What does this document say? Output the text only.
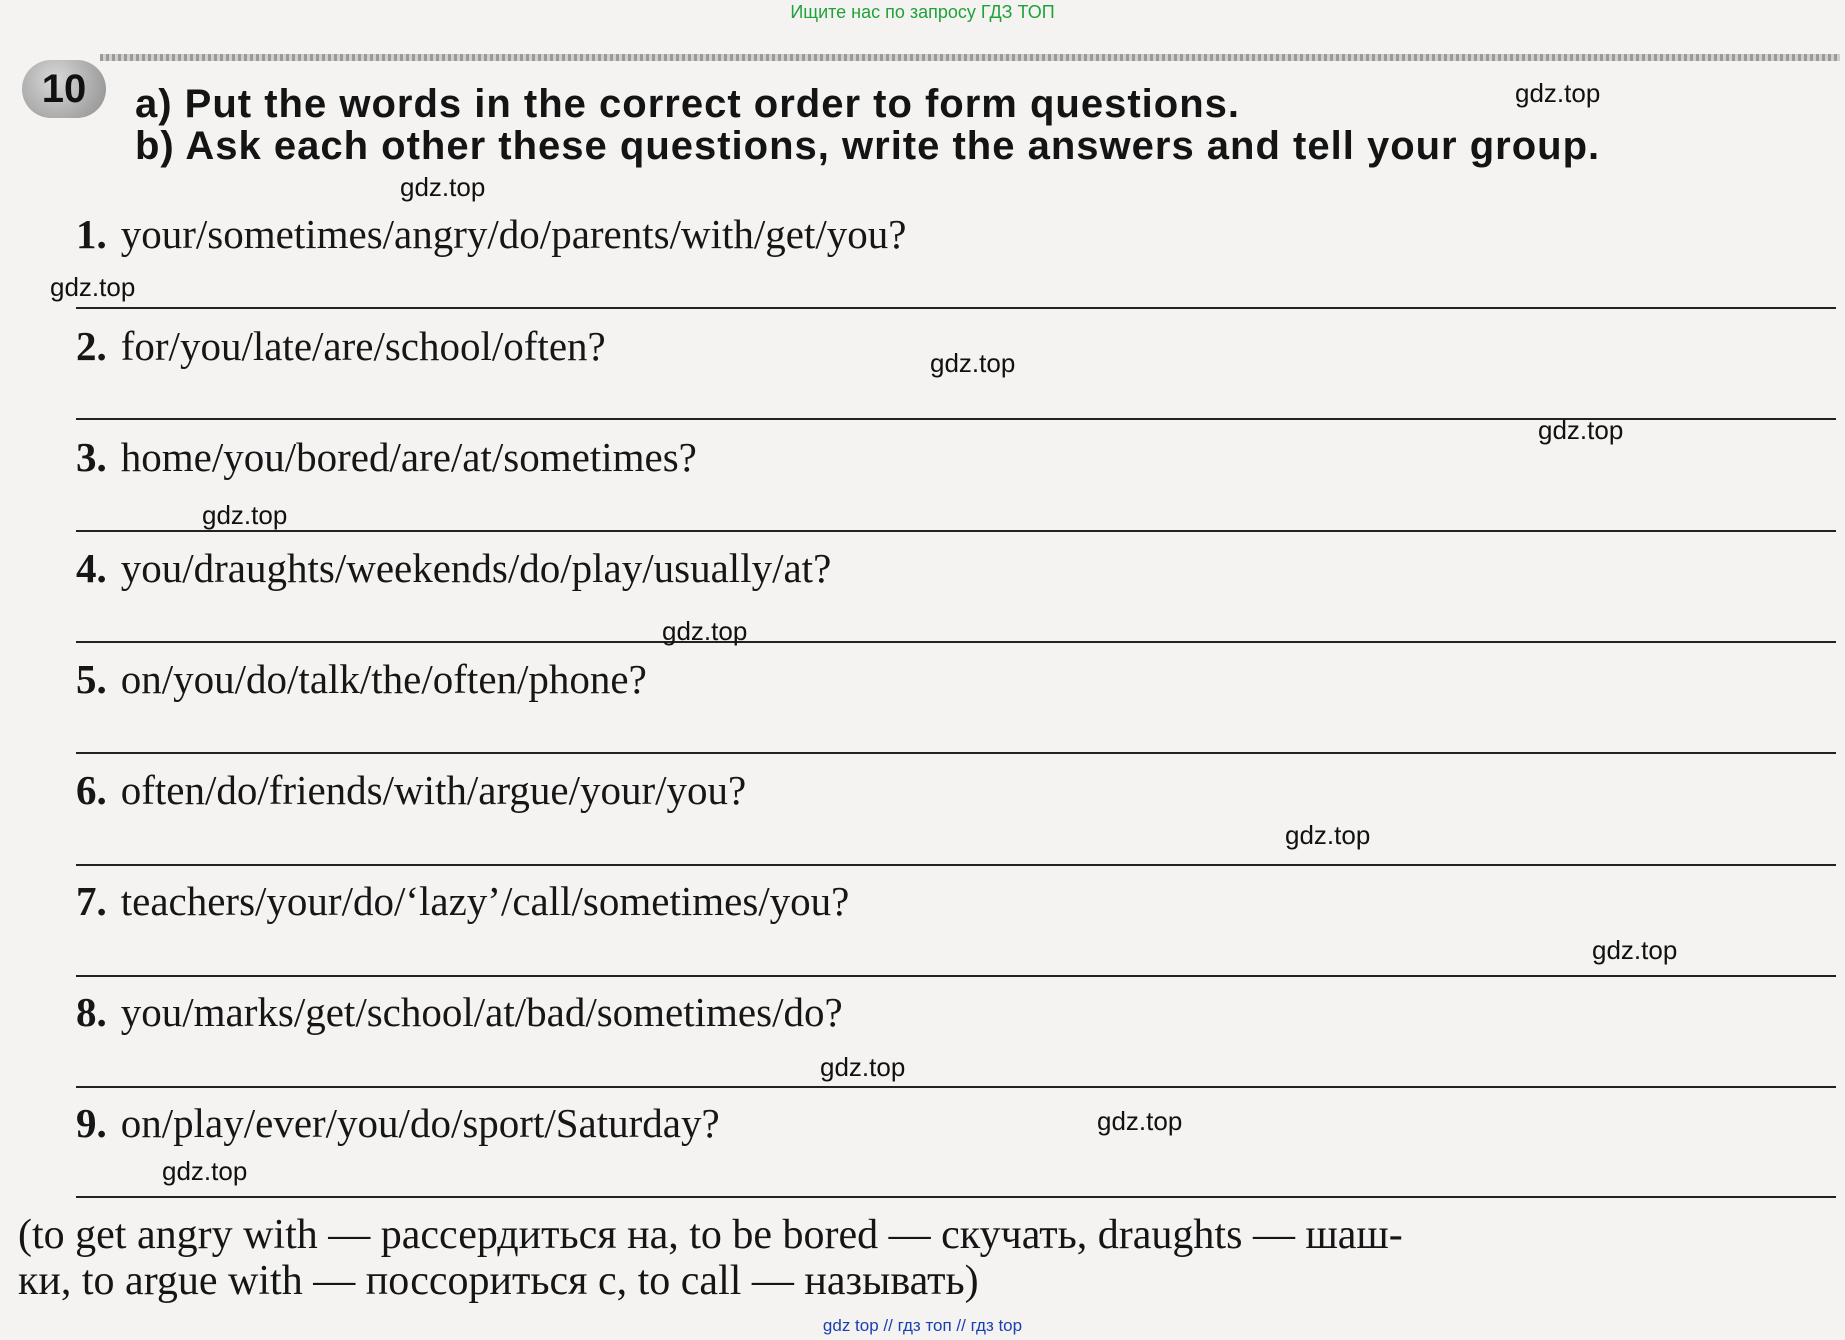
Ищите нас по запросу ГДЗ ТОП

10	a) Put the words in the correct order to form questions.
b) Ask each other these questions, write the answers and tell your group.
1. your/sometimes/angry/do/parents/with/get/you?
2. for/you/late/are/school/often?
3. home/you/bored/are/at/sometimes?
4. you/draughts/weekends/do/play/usually/at?
5. on/you/do/talk/the/often/phone?
6. often/do/friends/with/argue/your/you?
7. teachers/your/do/‘lazy’/call/sometimes/you?
8. you/marks/get/school/at/bad/sometimes/do?
9. on/play/ever/you/do/sport/Saturday?
gdz.top
gdz.top
gdz.top
gdz.top
gdz.top
gdz.top
gdz.top
gdz.top
gdz.top
gdz.top
gdz.top
gdz.top
(to get angry with — рассердиться на, to be bored — скучать, draughts — шаш-
ки, to argue with — поссориться с, to call — называть)
gdz top // гдз топ // гдз top
